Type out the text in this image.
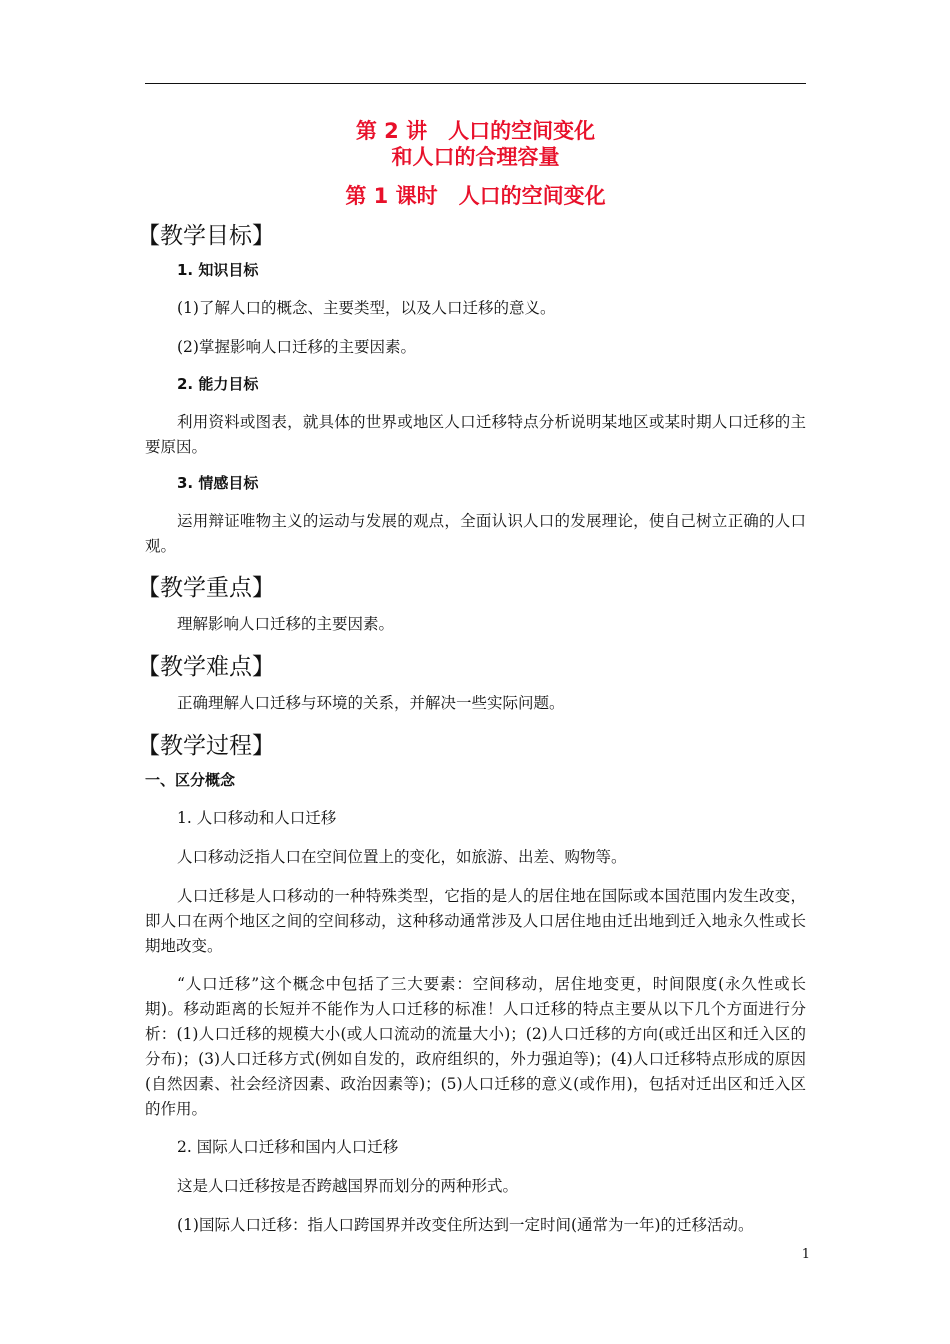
第 2 讲　人口的空间变化

和人口的合理容量

第 1 课时　人口的空间变化

【教学目标】

1. 知识目标

(1)了解人口的概念、主要类型，以及人口迁移的意义。

(2)掌握影响人口迁移的主要因素。

2. 能力目标

利用资料或图表，就具体的世界或地区人口迁移特点分析说明某地区或某时期人口迁移的主要原因。

3. 情感目标

运用辩证唯物主义的运动与发展的观点，全面认识人口的发展理论，使自己树立正确的人口观。

【教学重点】

理解影响人口迁移的主要因素。

【教学难点】

正确理解人口迁移与环境的关系，并解决一些实际问题。

【教学过程】

一、区分概念

1. 人口移动和人口迁移

人口移动泛指人口在空间位置上的变化，如旅游、出差、购物等。

人口迁移是人口移动的一种特殊类型，它指的是人的居住地在国际或本国范围内发生改变，即人口在两个地区之间的空间移动，这种移动通常涉及人口居住地由迁出地到迁入地永久性或长期地改变。

“人口迁移”这个概念中包括了三大要素：空间移动，居住地变更，时间限度(永久性或长期)。移动距离的长短并不能作为人口迁移的标准！人口迁移的特点主要从以下几个方面进行分析：(1)人口迁移的规模大小(或人口流动的流量大小)；(2)人口迁移的方向(或迁出区和迁入区的分布)；(3)人口迁移方式(例如自发的，政府组织的，外力强迫等)；(4)人口迁移特点形成的原因(自然因素、社会经济因素、政治因素等)；(5)人口迁移的意义(或作用)，包括对迁出区和迁入区的作用。

2. 国际人口迁移和国内人口迁移

这是人口迁移按是否跨越国界而划分的两种形式。

(1)国际人口迁移：指人口跨国界并改变住所达到一定时间(通常为一年)的迁移活动。

1
